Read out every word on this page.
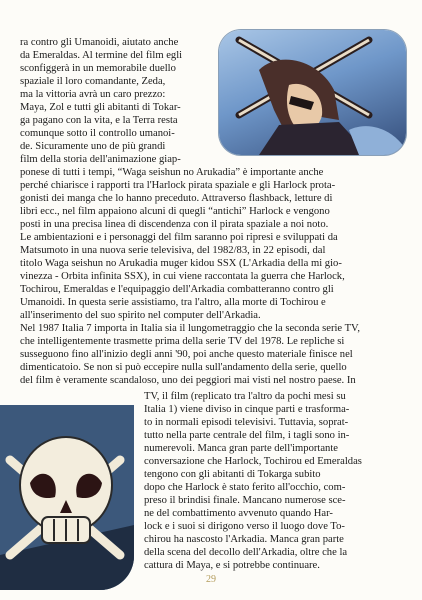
ra contro gli Umanoidi, aiutato anche
da Emeraldas. Al termine del film egli
sconfiggerà in un memorabile duello
spaziale il loro comandante, Zeda,
ma la vittoria avrà un caro prezzo:
Maya, Zol e tutti gli abitanti di Tokar-
ga pagano con la vita, e la Terra resta
comunque sotto il controllo umanoi-
de. Sicuramente uno de più grandi
film della storia dell'animazione giap-
ponese di tutti i tempi, “Waga seishun no Arukadia” è importante anche
perché chiarisce i rapporti tra l'Harlock pirata spaziale e gli Harlock prota-
gonisti dei manga che lo hanno preceduto. Attraverso flashback, letture di
libri ecc., nel film appaiono alcuni di quegli “antichi” Harlock e vengono
posti in una precisa linea di discendenza con il pirata spaziale a noi noto.
Le ambientazioni e i personaggi del film saranno poi ripresi e sviluppati da
Matsumoto in una nuova serie televisiva, del 1982/83, in 22 episodi, dal
titolo Waga seishun no Arukadia muger kidou SSX (L'Arkadia della mi gio-
vinezza - Orbita infinita SSX), in cui viene raccontata la guerra che Harlock,
Tochirou, Emeraldas e l'equipaggio dell'Arkadia combatteranno contro gli
Umanoidi. In questa serie assistiamo, tra l'altro, alla morte di Tochirou e
all'inserimento del suo spirito nel computer dell'Arkadia.
Nel 1987 Italia 7 importa in Italia sia il lungometraggio che la seconda serie TV,
che intelligentemente trasmette prima della serie TV del 1978. Le repliche si
susseguono fino all'inizio degli anni '90, poi anche questo materiale finisce nel
dimenticatoio. Se non si può eccepire nulla sull'andamento della serie, quello
del film è veramente scandaloso, uno dei peggiori mai visti nel nostro paese. In
TV, il film (replicato tra l'altro da pochi mesi su
Italia 1) viene diviso in cinque parti e trasforma-
to in normali episodi televisivi. Tuttavia, soprat-
tutto nella parte centrale del film, i tagli sono in-
numerevoli. Manca gran parte dell'importante
conversazione che Harlock, Tochirou ed Emeraldas
tengono con gli abitanti di Tokarga subito
dopo che Harlock è stato ferito all'occhio, com-
preso il brindisi finale. Mancano numerose sce-
ne del combattimento avvenuto quando Har-
lock e i suoi si dirigono verso il luogo dove To-
chirou ha nascosto l'Arkadia. Manca gran parte
della scena del decollo dell'Arkadia, oltre che la
cattura di Maya, e si potrebbe continuare.
29
